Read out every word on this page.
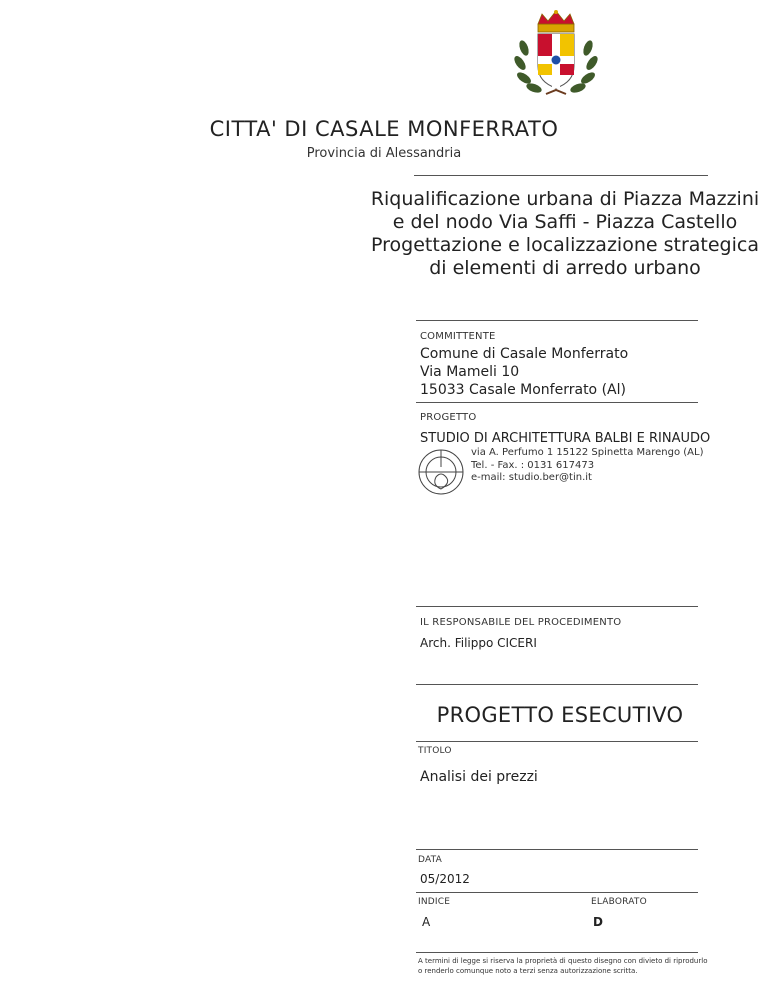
CITTA' DI CASALE MONFERRATO
Provincia di Alessandria
Riqualificazione urbana di Piazza Mazzini
e del nodo Via Saffi - Piazza Castello
Progettazione e localizzazione strategica
di elementi di arredo urbano
COMMITTENTE
Comune di Casale Monferrato
Via Mameli 10
15033 Casale Monferrato (Al)
PROGETTO
STUDIO DI ARCHITETTURA BALBI E RINAUDO
via A. Perfumo 1 15122 Spinetta Marengo (AL)
Tel. - Fax. : 0131 617473
e-mail: studio.ber@tin.it
IL RESPONSABILE DEL PROCEDIMENTO
Arch. Filippo CICERI
PROGETTO ESECUTIVO
TITOLO
Analisi dei prezzi
DATA
05/2012
INDICE
A
ELABORATO
D
A termini di legge si riserva la proprietà di questo disegno con divieto di riprodurlo o renderlo comunque noto a terzi senza autorizzazione scritta.
